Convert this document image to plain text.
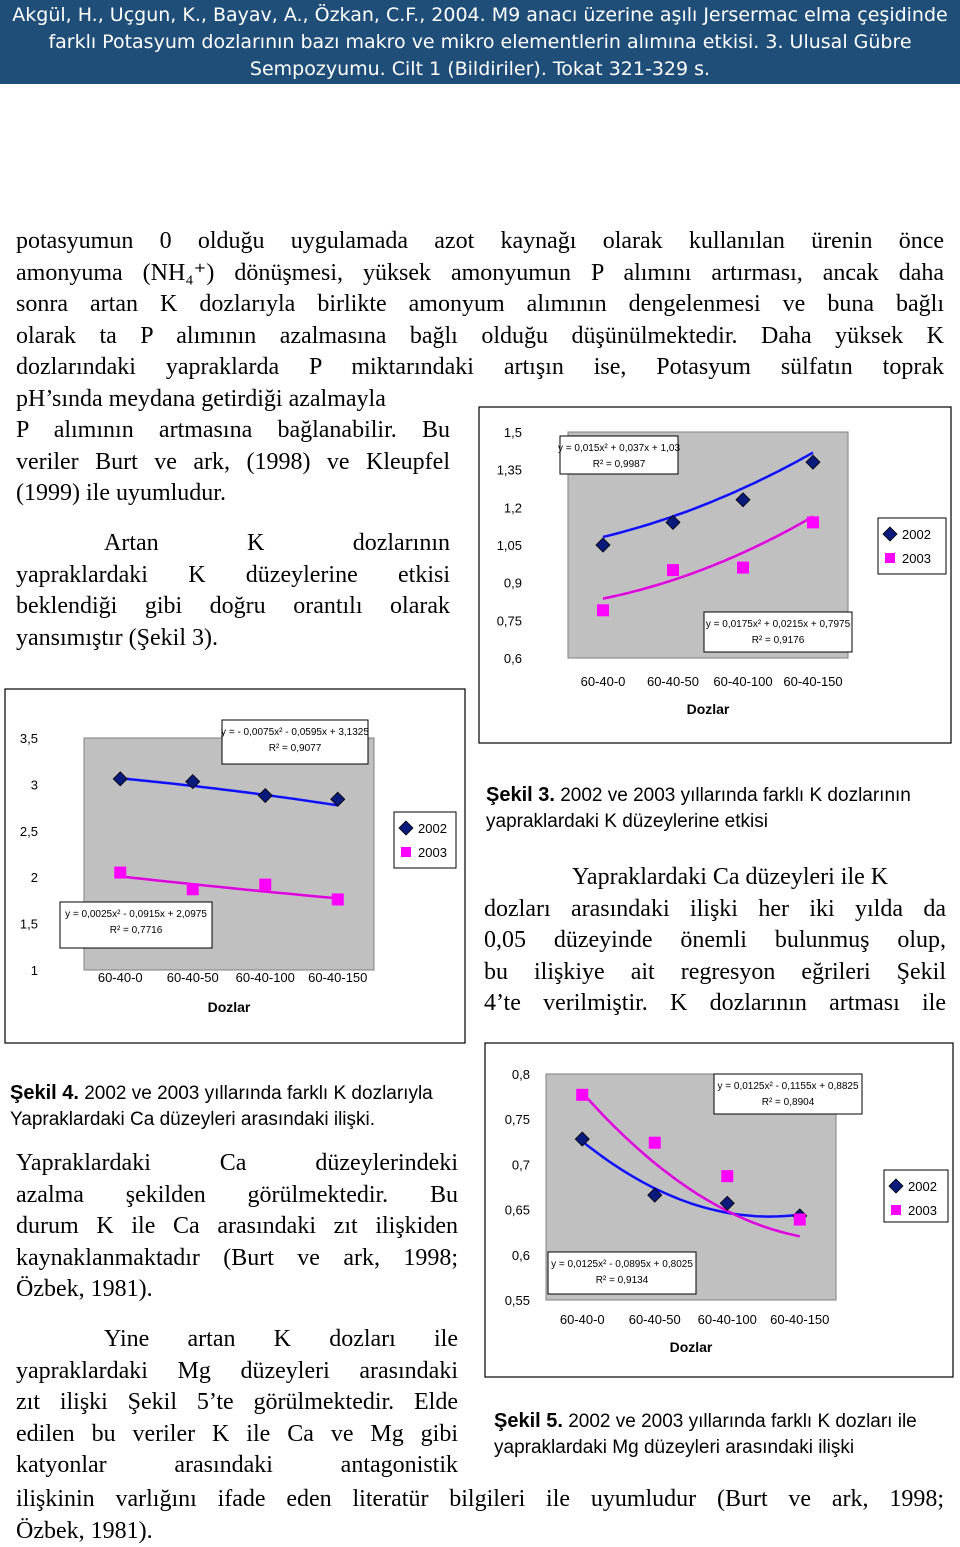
Akgül, H., Uçgun, K., Bayav, A., Özkan, C.F., 2004. M9 anacı üzerine aşılı Jersermac elma çeşidinde
farklı Potasyum dozlarının bazı makro ve mikro elementlerin alımına etkisi. 3. Ulusal Gübre
Sempozyumu. Cilt 1 (Bildiriler). Tokat 321-329 s.

potasyumun 0 olduğu uygulamada azot kaynağı olarak kullanılan ürenin önce
amonyuma (NH₄⁺) dönüşmesi, yüksek amonyumun P alımını artırması, ancak daha
sonra artan K dozlarıyla birlikte amonyum alımının dengelenmesi ve buna bağlı
olarak ta P alımının azalmasına bağlı olduğu düşünülmektedir. Daha yüksek K
dozlarındaki yapraklarda P miktarındaki artışın ise, Potasyum sülfatın toprak
pH’sında meydana getirdiği azalmayla

P alımının artmasına bağlanabilir. Bu
veriler Burt ve ark, (1998) ve Kleupfel
(1999) ile uyumludur.

Artan K dozlarının
yapraklardaki K düzeylerine etkisi
beklendiği gibi doğru orantılı olarak
yansımıştır (Şekil 3).

1,5
1,35
1,2
1,05
0,9
0,75
0,6
60-40-0 60-40-50 60-40-100 60-40-150
Dozlar
y = 0,015x² + 0,037x + 1,03
R² = 0,9987
y = 0,0175x² + 0,0215x + 0,7975
R² = 0,9176
2002
2003
Şekil 3. 2002 ve 2003 yıllarında farklı K dozlarının
yapraklardaki K düzeylerine etkisi
3,5
3
2,5
2
1,5
1	60-40-0 60-40-50 60-40-100 60-40-150
Dozlar
y = - 0,0075x² - 0,0595x + 3,1325
R² = 0,9077
y = 0,0025x² - 0,0915x + 2,0975
R² = 0,7716
2002
2003

Yapraklardaki Ca düzeyleri ile K
dozları arasındaki ilişki her iki yılda da
0,05 düzeyinde önemli bulunmuş olup,
bu ilişkiye ait regresyon eğrileri Şekil
4’te verilmiştir. K dozlarının artması ile

Şekil 4. 2002 ve 2003 yıllarında farklı K dozlarıyla
Yapraklardaki Ca düzeyleri arasındaki ilişki.
0,8
0,75
0,7
0,65
0,6
0,55
60-40-0 60-40-50 60-40-100 60-40-150
Dozlar
y = 0,0125x² - 0,0895x + 0,8025
R² = 0,9134
y = 0,0125x² - 0,1155x + 0,8825
R² = 0,8904
2002
2003

Yapraklardaki Ca düzeylerindeki
azalma şekilden görülmektedir. Bu
durum K ile Ca arasındaki zıt ilişkiden
kaynaklanmaktadır (Burt ve ark, 1998;
Özbek, 1981).

Yine artan K dozları ile
yapraklardaki Mg düzeyleri arasındaki
zıt ilişki Şekil 5’te görülmektedir. Elde
edilen bu veriler K ile Ca ve Mg gibi
katyonlar arasındaki antagonistik

Şekil 5. 2002 ve 2003 yıllarında farklı K dozları ile
yapraklardaki Mg düzeyleri arasındaki ilişki

ilişkinin varlığını ifade eden literatür bilgileri ile uyumludur (Burt ve ark, 1998;
Özbek, 1981).
